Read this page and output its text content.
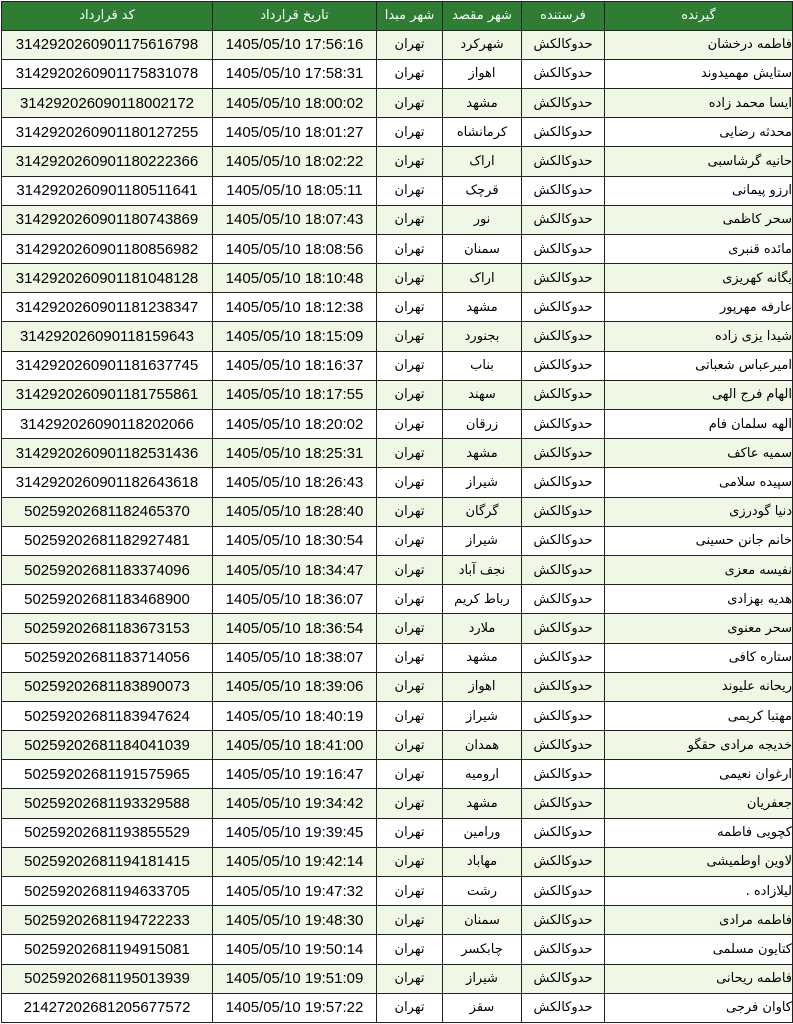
کد قرارداد	تاریخ قرارداد	شهر مبدا	شهر مقصد	فرستنده	گیرنده
3142920260901175616798	1405/05/10 17:56:16	تهران	شهرکرد	حدوکالکش	فاطمه درخشان
3142920260901175831078	1405/05/10 17:58:31	تهران	اهواز	حدوکالکش	ستایش مهمیدوند
314292026090118002172	1405/05/10 18:00:02	تهران	مشهد	حدوکالکش	ایسا محمد زاده
3142920260901180127255	1405/05/10 18:01:27	تهران	کرمانشاه	حدوکالکش	محدثه رضایی
3142920260901180222366	1405/05/10 18:02:22	تهران	اراک	حدوکالکش	حانیه گرشاسبی
3142920260901180511641	1405/05/10 18:05:11	تهران	قرچک	حدوکالکش	ارزو پیمانی
3142920260901180743869	1405/05/10 18:07:43	تهران	نور	حدوکالکش	سحر کاظمی
3142920260901180856982	1405/05/10 18:08:56	تهران	سمنان	حدوکالکش	مائده قنبری
3142920260901181048128	1405/05/10 18:10:48	تهران	اراک	حدوکالکش	یگانه کهریزی
3142920260901181238347	1405/05/10 18:12:38	تهران	مشهد	حدوکالکش	عارفه مهرپور
314292026090118159643	1405/05/10 18:15:09	تهران	بجنورد	حدوکالکش	شیدا یزی زاده
3142920260901181637745	1405/05/10 18:16:37	تهران	بناب	حدوکالکش	امیرعباس شعباتی
3142920260901181755861	1405/05/10 18:17:55	تهران	سهند	حدوکالکش	الهام فرج الهی
314292026090118202066	1405/05/10 18:20:02	تهران	زرقان	حدوکالکش	الهه سلمان فام
3142920260901182531436	1405/05/10 18:25:31	تهران	مشهد	حدوکالکش	سمیه عاکف
3142920260901182643618	1405/05/10 18:26:43	تهران	شیراز	حدوکالکش	سپیده سلامی
50259202681182465370	1405/05/10 18:28:40	تهران	گرگان	حدوکالکش	دنیا گودرزی
50259202681182927481	1405/05/10 18:30:54	تهران	شیراز	حدوکالکش	خانم جانن حسینی
50259202681183374096	1405/05/10 18:34:47	تهران	نجف آباد	حدوکالکش	نفیسه معزی
50259202681183468900	1405/05/10 18:36:07	تهران	رباط کریم	حدوکالکش	هدیه بهزادی
50259202681183673153	1405/05/10 18:36:54	تهران	ملارد	حدوکالکش	سحر معنوی
50259202681183714056	1405/05/10 18:38:07	تهران	مشهد	حدوکالکش	ستاره کافی
50259202681183890073	1405/05/10 18:39:06	تهران	اهواز	حدوکالکش	ریحانه علیوند
50259202681183947624	1405/05/10 18:40:19	تهران	شیراز	حدوکالکش	مهتبا کریمی
50259202681184041039	1405/05/10 18:41:00	تهران	همدان	حدوکالکش	خدیجه مرادی حقگو
50259202681191575965	1405/05/10 19:16:47	تهران	ارومیه	حدوکالکش	ارغوان نعیمی
50259202681193329588	1405/05/10 19:34:42	تهران	مشهد	حدوکالکش	جعفریان
50259202681193855529	1405/05/10 19:39:45	تهران	ورامین	حدوکالکش	کچویی فاطمه
50259202681194181415	1405/05/10 19:42:14	تهران	مهاباد	حدوکالکش	لاوین اوطمیشی
50259202681194633705	1405/05/10 19:47:32	تهران	رشت	حدوکالکش	لیلازاده .
50259202681194722233	1405/05/10 19:48:30	تهران	سمنان	حدوکالکش	فاطمه مرادی
50259202681194915081	1405/05/10 19:50:14	تهران	چابکسر	حدوکالکش	کتایون مسلمی
50259202681195013939	1405/05/10 19:51:09	تهران	شیراز	حدوکالکش	فاطمه ریحانی
21427202681205677572	1405/05/10 19:57:22	تهران	سقز	حدوکالکش	کاوان فرجی
